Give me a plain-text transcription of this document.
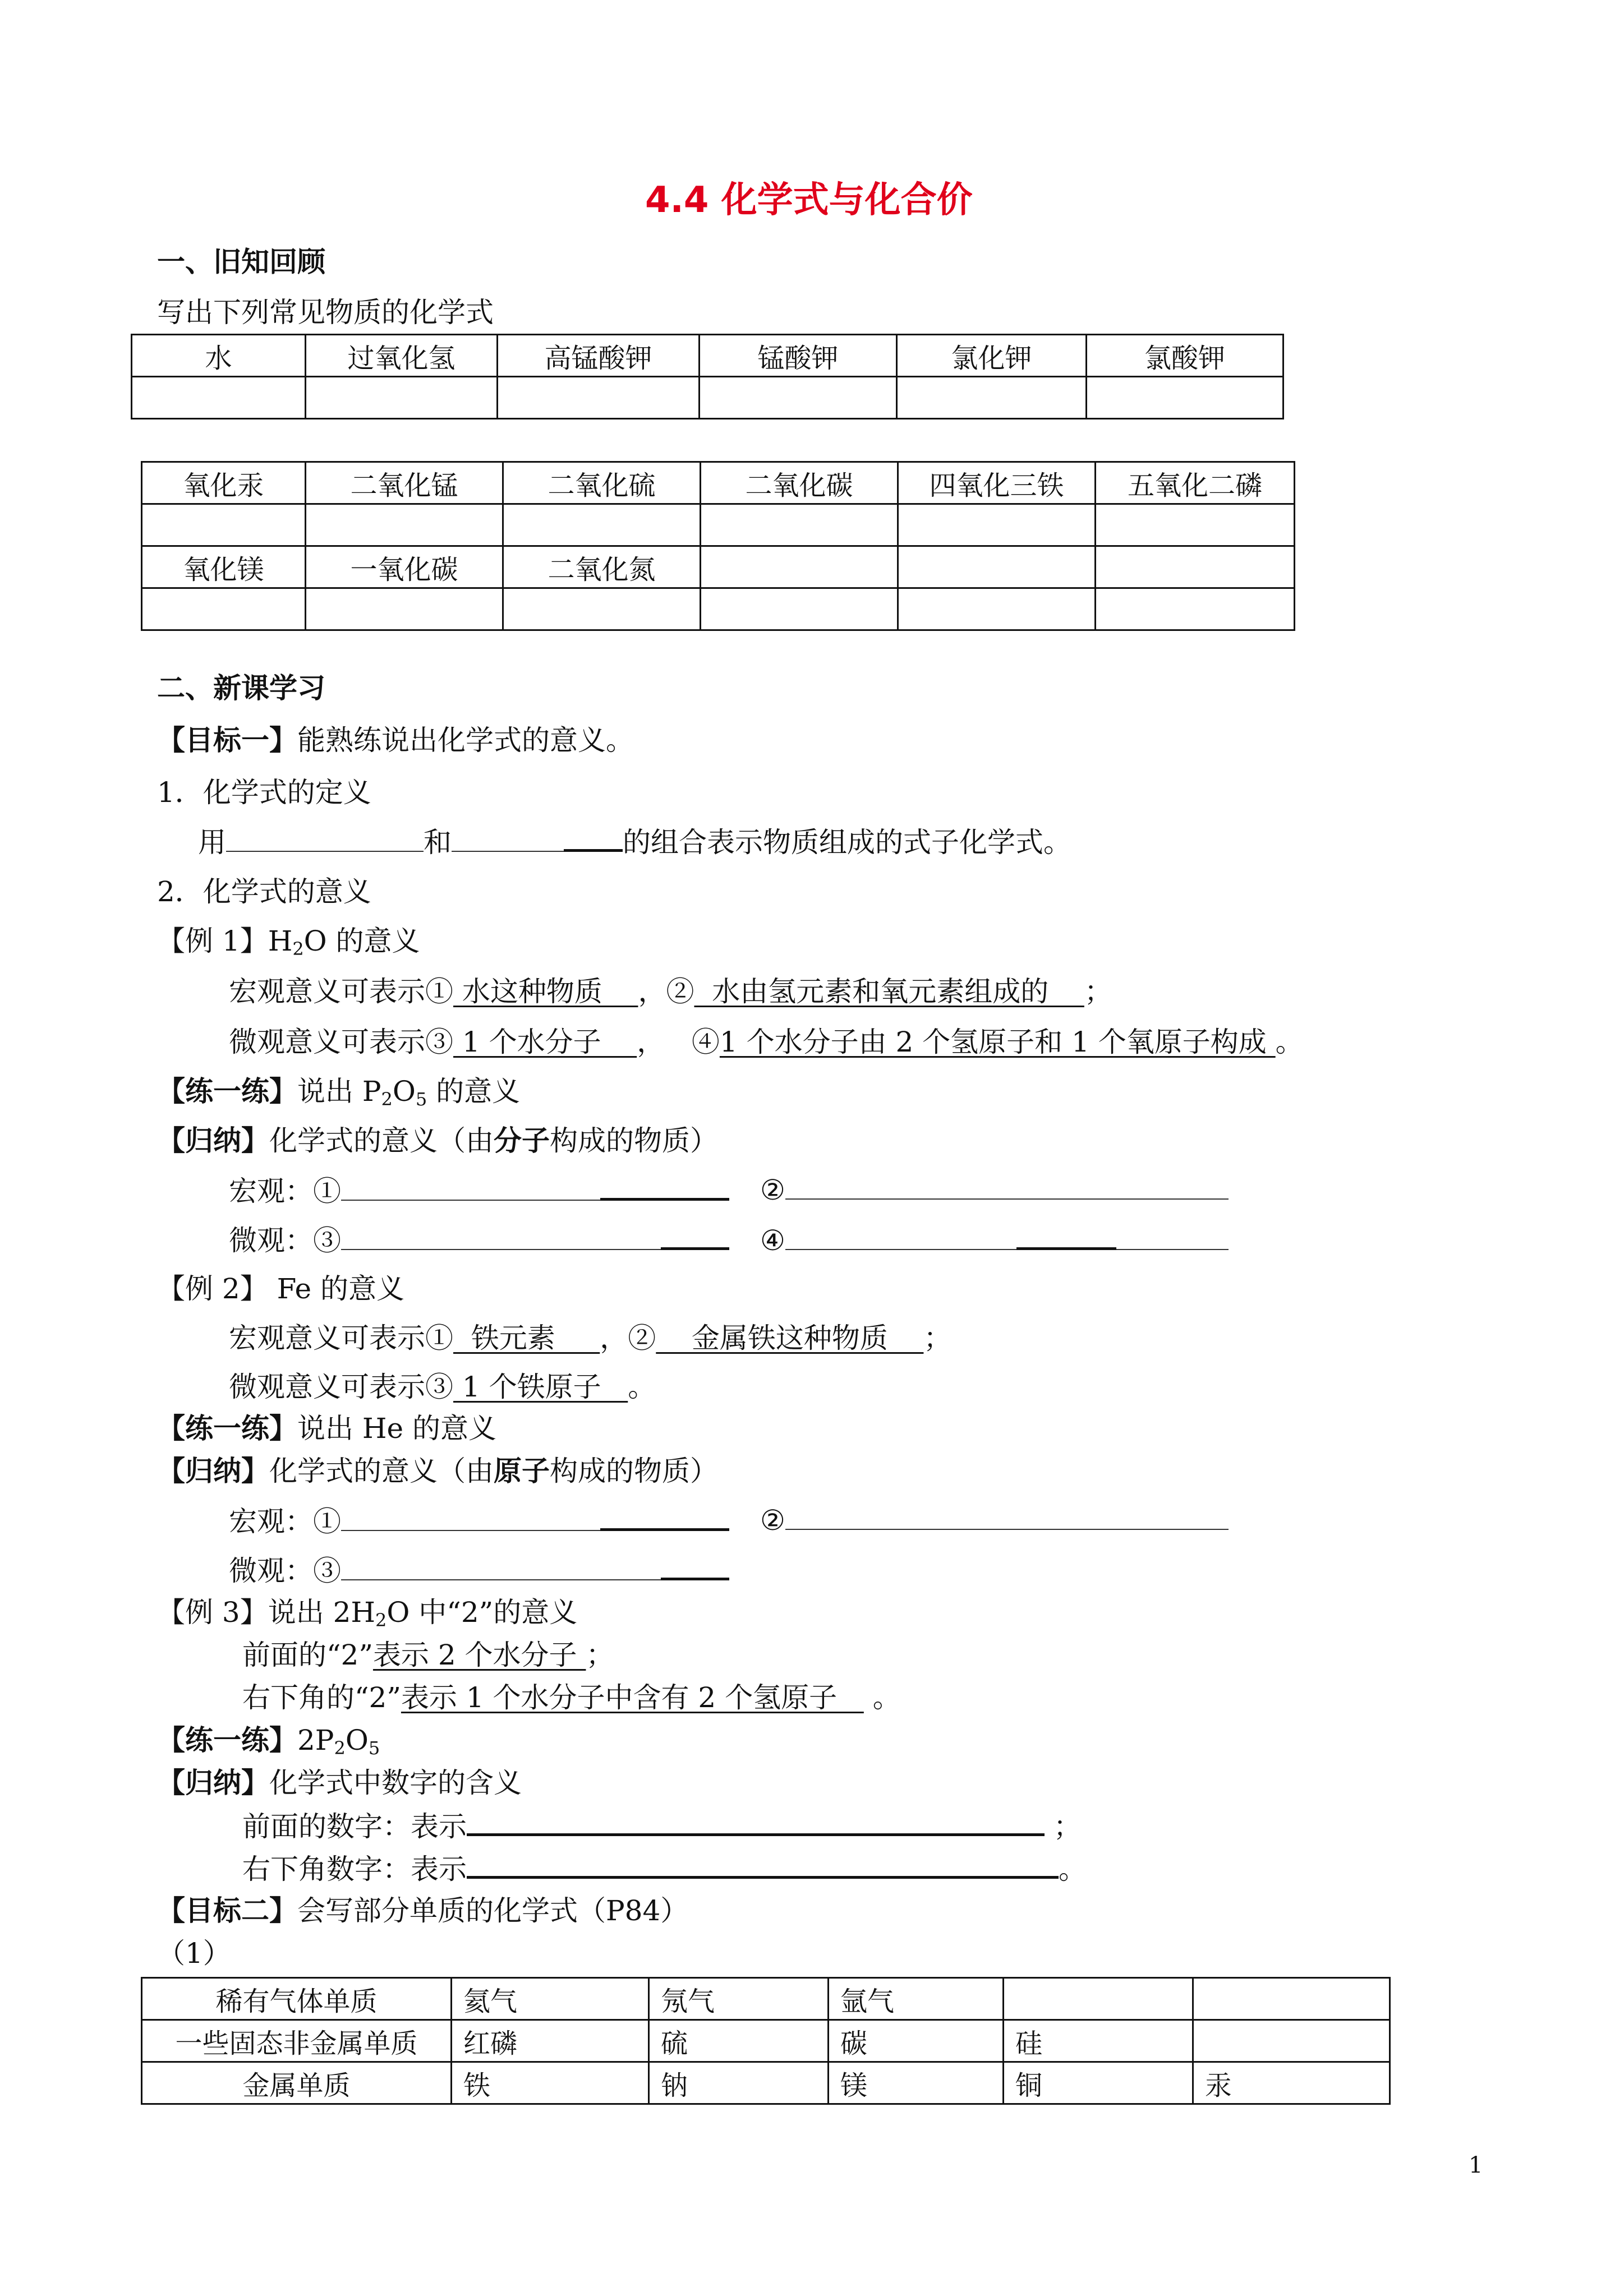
4.4 化学式与化合价
一、旧知回顾
写出下列常见物质的化学式
水	过氧化氢	高锰酸钾	锰酸钾	氯化钾	氯酸钾

氧化汞	二氧化锰	二氧化硫	二氧化碳	四氧化三铁	五氧化二磷

氧化镁	一氧化碳	二氧化氮			

二、新课学习
【目标一】能熟练说出化学式的意义。
1．化学式的定义
用	和	的组合表示物质组成的式子化学式。
2．化学式的意义
【例 1】$H_2O$ 的意义
宏观意义可表示① 水这种物质    ，②  水由氢元素和氧元素组成的    ；
微观意义可表示③ 1 个水分子    ，   ④1 个水分子由 2 个氢原子和 1 个氧原子构成 。
【练一练】说出 $P_2O_5$ 的意义
【归纳】化学式的意义（由分子构成的物质）
宏观：①	②
微观：③	④
【例 2】 Fe 的意义
宏观意义可表示①  铁元素     ，②    金属铁这种物质    ；
微观意义可表示③ 1 个铁原子   。
【练一练】说出 He 的意义
【归纳】化学式的意义（由原子构成的物质）
宏观：①	②
微观：③
【例 3】说出 $2H_2O$ 中“2”的意义
前面的“2”表示 2 个水分子 ；
右下角的“2”表示 1 个水分子中含有 2 个氢原子    。
【练一练】$2P_2O_5$
【归纳】化学式中数字的含义
前面的数字：表示	；
右下角数字：表示	。
【目标二】会写部分单质的化学式（P84）
（1）
稀有气体单质	氦气	氖气	氩气		
一些固态非金属单质	红磷	硫	碳	硅	
金属单质	铁	钠	镁	铜	汞
1
